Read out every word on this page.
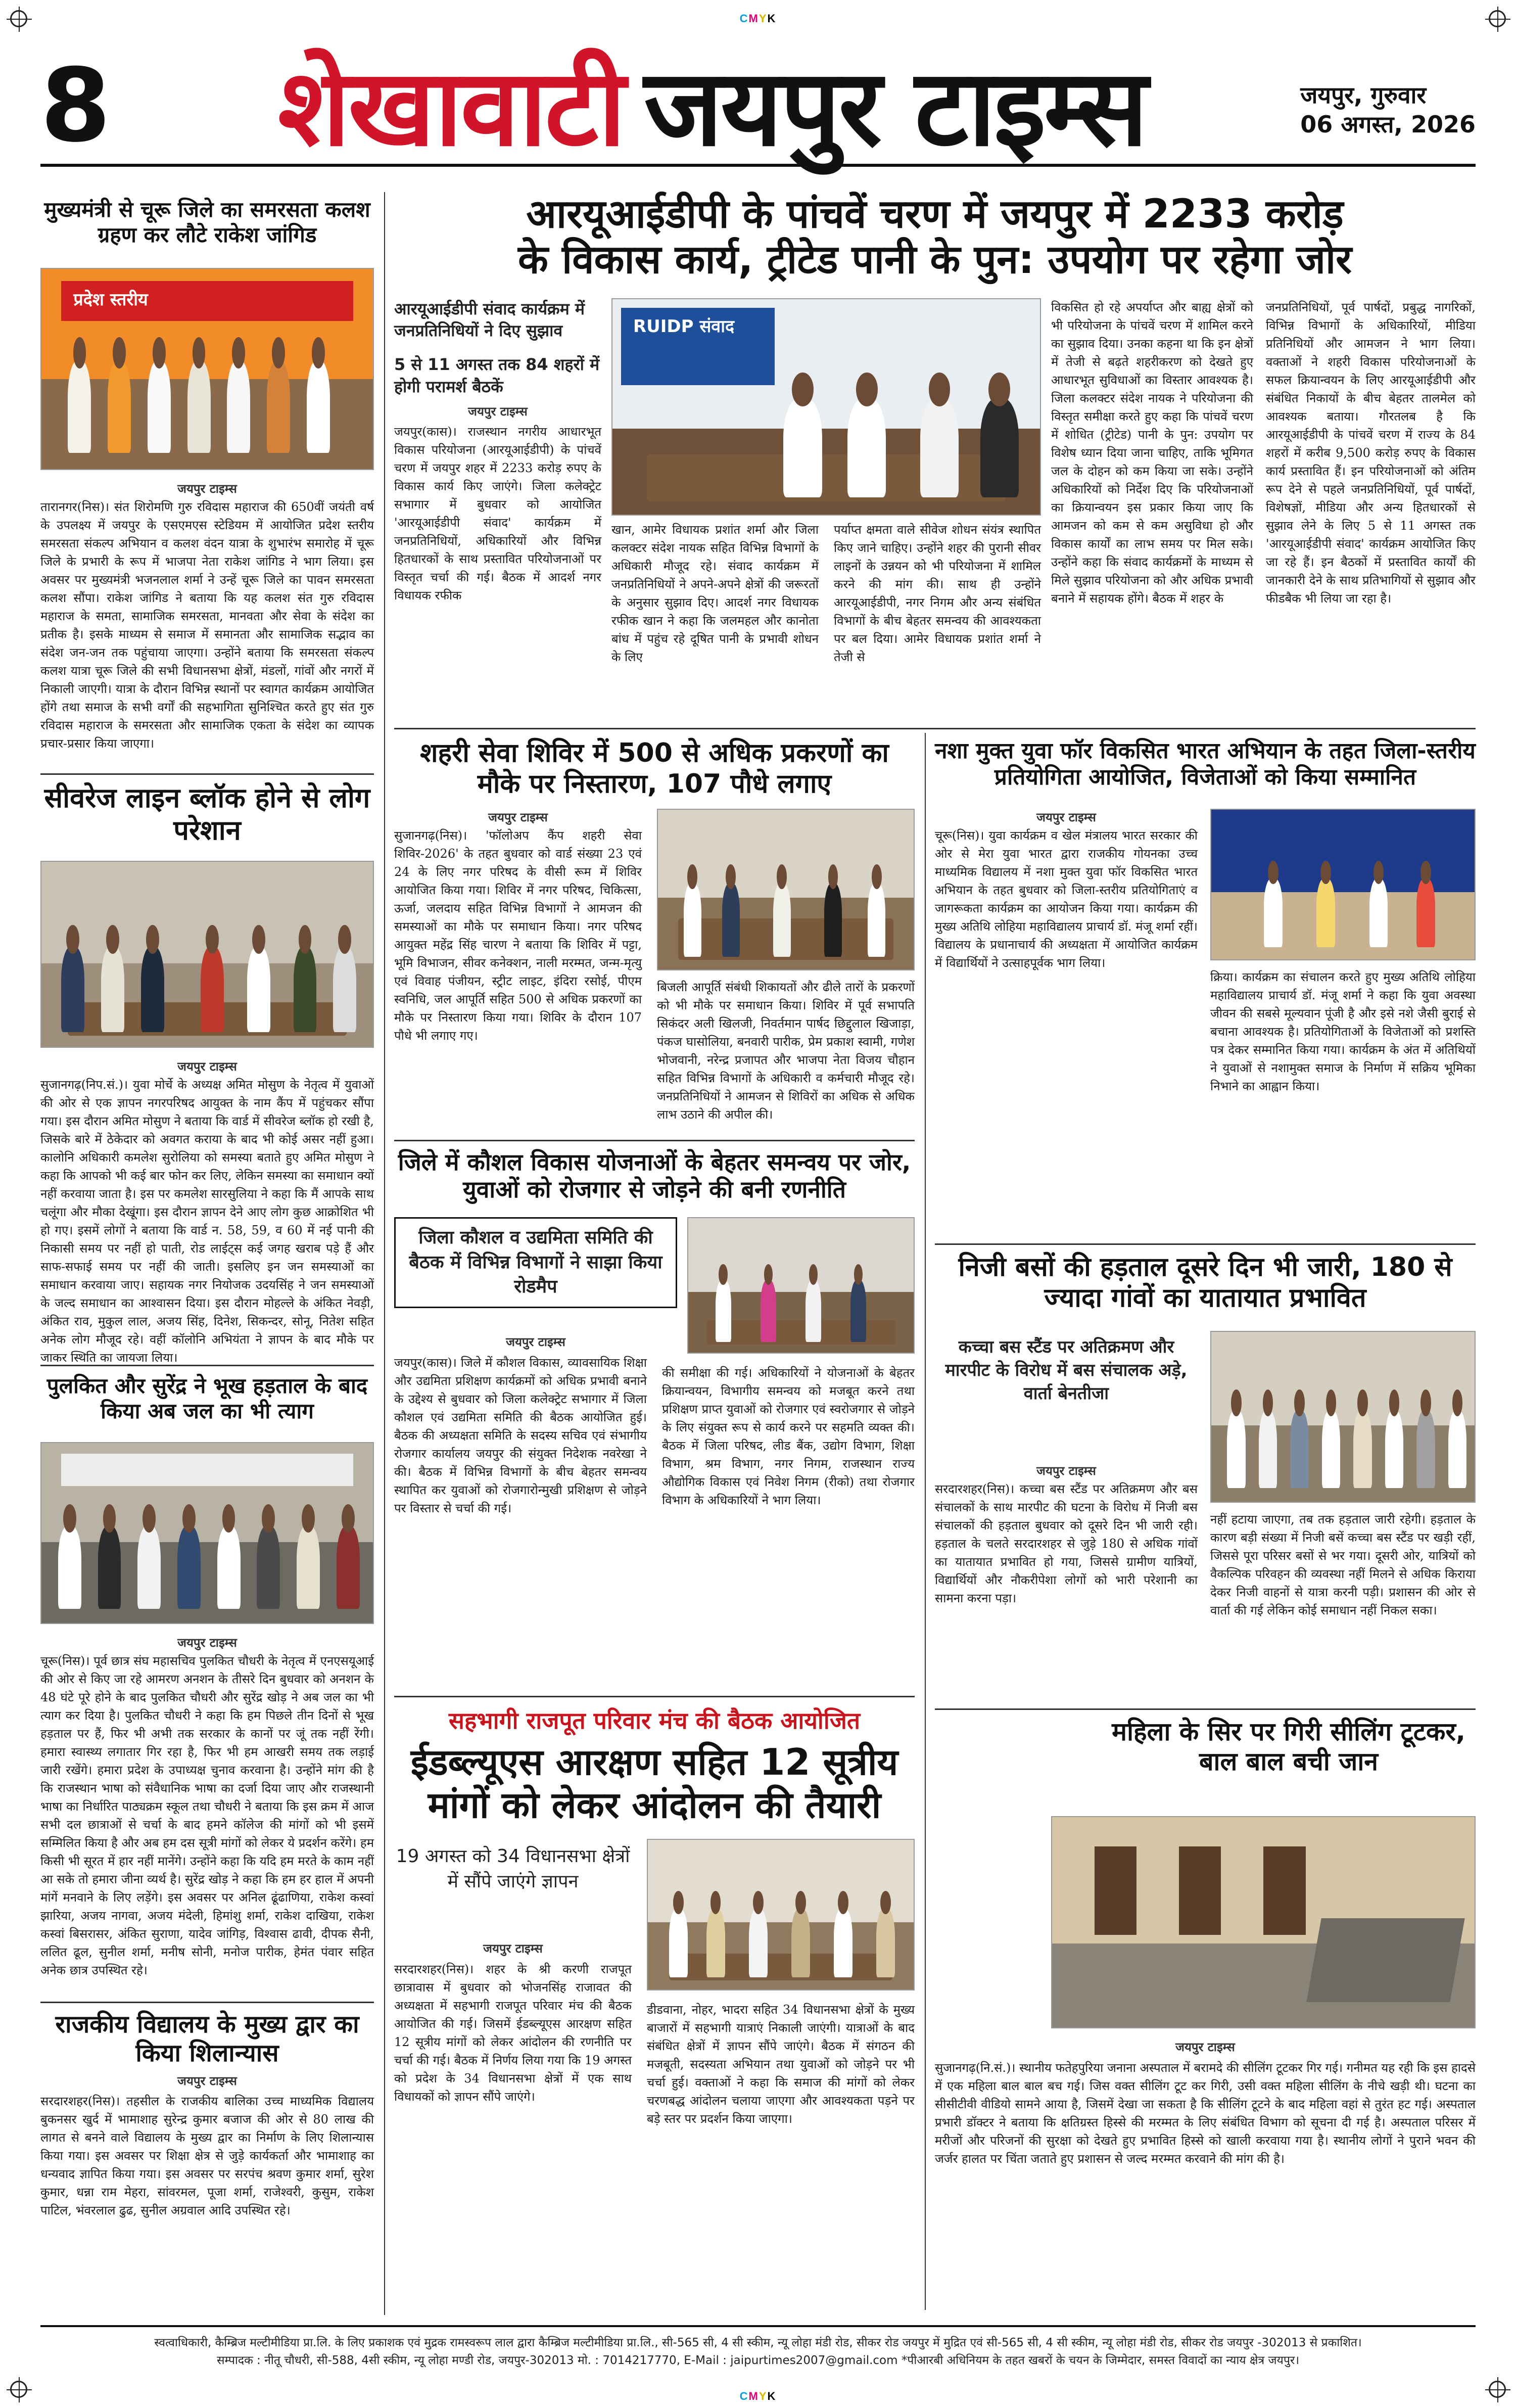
CMYK
8 शेखावाटी जयपुर टाइम्स	जयपुर, गुरुवार
06 अगस्त, 2026
मुख्यमंत्री से चूरू जिले का समरसता कलश ग्रहण कर लौटे राकेश जांगिड
प्रदेश स्तरीय
जयपुर टाइम्स

तारानगर(निस)। संत शिरोमणि गुरु रविदास महाराज की 650वीं जयंती वर्ष के उपलक्ष्य में जयपुर के एसएमएस स्टेडियम में आयोजित प्रदेश स्तरीय समरसता संकल्प अभियान व कलश वंदन यात्रा के शुभारंभ समारोह में चूरू जिले के प्रभारी के रूप में भाजपा नेता राकेश जांगिड ने भाग लिया। इस अवसर पर मुख्यमंत्री भजनलाल शर्मा ने उन्हें चूरू जिले का पावन समरसता कलश सौंपा। राकेश जांगिड ने बताया कि यह कलश संत गुरु रविदास महाराज के समता, सामाजिक समरसता, मानवता और सेवा के संदेश का प्रतीक है। इसके माध्यम से समाज में समानता और सामाजिक सद्भाव का संदेश जन-जन तक पहुंचाया जाएगा। उन्होंने बताया कि समरसता संकल्प कलश यात्रा चूरू जिले की सभी विधानसभा क्षेत्रों, मंडलों, गांवों और नगरों में निकाली जाएगी। यात्रा के दौरान विभिन्न स्थानों पर स्वागत कार्यक्रम आयोजित होंगे तथा समाज के सभी वर्गों की सहभागिता सुनिश्चित करते हुए संत गुरु रविदास महाराज के समरसता और सामाजिक एकता के संदेश का व्यापक प्रचार-प्रसार किया जाएगा।

सीवरेज लाइन ब्लॉक होने से लोग परेशान
जयपुर टाइम्स

सुजानगढ़(निप.सं.)। युवा मोर्चे के अध्यक्ष अमित मोसुण के नेतृत्व में युवाओं की ओर से एक ज्ञापन नगरपरिषद आयुक्त के नाम कैंप में पहुंचकर सौंपा गया। इस दौरान अमित मोसुण ने बताया कि वार्ड में सीवरेज ब्लॉक हो रखी है, जिसके बारे में ठेकेदार को अवगत कराया के बाद भी कोई असर नहीं हुआ। कालोनि अधिकारी कमलेश सुरोलिया को समस्या बताते हुए अमित मोसुण ने कहा कि आपको भी कई बार फोन कर लिए, लेकिन समस्या का समाधान क्यों नहीं करवाया जाता है। इस पर कमलेश सारसुलिया ने कहा कि मैं आपके साथ चलूंगा और मौका देखूंगा। इस दौरान ज्ञापन देने आए लोग कुछ आक्रोशित भी हो गए। इसमें लोगों ने बताया कि वार्ड न. 58, 59, व 60 में नई पानी की निकासी समय पर नहीं हो पाती, रोड लाईट्स कई जगह खराब पड़े हैं और साफ-सफाई समय पर नहीं की जाती। इसलिए इन जन समस्याओं का समाधान करवाया जाए। सहायक नगर नियोजक उदयसिंह ने जन समस्याओं के जल्द समाधान का आश्वासन दिया। इस दौरान मोहल्ले के अंकित नेवड़ी, अंकित राव, मुकुल लाल, अजय सिंह, दिनेश, सिकन्दर, सोनू, नितेश सहित अनेक लोग मौजूद रहे। वहीं कॉलोनि अभियंता ने ज्ञापन के बाद मौके पर जाकर स्थिति का जायजा लिया।

पुलकित और सुरेंद्र ने भूख हड़ताल के बाद किया अब जल का भी त्याग
जयपुर टाइम्स

चूरू(निस)। पूर्व छात्र संघ महासचिव पुलकित चौधरी के नेतृत्व में एनएसयूआई की ओर से किए जा रहे आमरण अनशन के तीसरे दिन बुधवार को अनशन के 48 घंटे पूरे होने के बाद पुलकित चौधरी और सुरेंद्र खोड़ ने अब जल का भी त्याग कर दिया है। पुलकित चौधरी ने कहा कि हम पिछले तीन दिनों से भूख हड़ताल पर हैं, फिर भी अभी तक सरकार के कानों पर जूं तक नहीं रेंगी। हमारा स्वास्थ्य लगातार गिर रहा है, फिर भी हम आखरी समय तक लड़ाई जारी रखेंगे। हमारा प्रदेश के उपाध्यक्ष चुनाव करवाना है। उन्होंने मांग की है कि राजस्थान भाषा को संवैधानिक भाषा का दर्जा दिया जाए और राजस्थानी भाषा का निर्धारित पाठ्यक्रम स्कूल तथा चौधरी ने बताया कि इस क्रम में आज सभी दल छात्राओं से चर्चा के बाद हमने कॉलेज की मांगों को भी इसमें सम्मिलित किया है और अब हम दस सूत्री मांगों को लेकर ये प्रदर्शन करेंगे। हम किसी भी सूरत में हार नहीं मानेंगे। उन्होंने कहा कि यदि हम मरते के काम नहीं आ सके तो हमारा जीना व्यर्थ है। सुरेंद्र खोड़ ने कहा कि हम हर हाल में अपनी मांगें मनवाने के लिए लड़ेंगे। इस अवसर पर अनिल ढूंढाणिया, राकेश कस्वां झारिया, अजय नागवा, अजय मंदेली, हिमांशु शर्मा, राकेश दाखिया, राकेश कस्वां बिसरासर, अंकित सुराणा, यादेव जांगिड़, विश्वास ढावी, दीपक सैनी, ललित ढूल, सुनील शर्मा, मनीष सोनी, मनोज पारीक, हेमंत पंवार सहित अनेक छात्र उपस्थित रहे।

राजकीय विद्यालय के मुख्य द्वार का किया शिलान्यास
जयपुर टाइम्स

सरदारशहर(निस)। तहसील के राजकीय बालिका उच्च माध्यमिक विद्यालय बुकनसर खुर्द में भामाशाह सुरेन्द्र कुमार बजाज की ओर से 80 लाख की लागत से बनने वाले विद्यालय के मुख्य द्वार का निर्माण के लिए शिलान्यास किया गया। इस अवसर पर शिक्षा क्षेत्र से जुड़े कार्यकर्ता और भामाशाह का धन्यवाद ज्ञापित किया गया। इस अवसर पर सरपंच श्रवण कुमार शर्मा, सुरेश कुमार, धन्ना राम मेहरा, सांवरमल, पूजा शर्मा, राजेश्वरी, कुसुम, राकेश पाटिल, भंवरलाल ढुढ, सुनील अग्रवाल आदि उपस्थित रहे।

आरयूआईडीपी के पांचवें चरण में जयपुर में 2233 करोड़
के विकास कार्य, ट्रीटेड पानी के पुन: उपयोग पर रहेगा जोर

आरयूआईडीपी संवाद कार्यक्रम में जनप्रतिनिधियों ने दिए सुझाव

5 से 11 अगस्त तक 84 शहरों में होगी परामर्श बैठकें

जयपुर टाइम्स

जयपुर(कास)। राजस्थान नगरीय आधारभूत विकास परियोजना (आरयूआईडीपी) के पांचवें चरण में जयपुर शहर में 2233 करोड़ रुपए के विकास कार्य किए जाएंगे। जिला कलेक्ट्रेट सभागार में बुधवार को आयोजित 'आरयूआईडीपी संवाद' कार्यक्रम में जनप्रतिनिधियों, अधिकारियों और विभिन्न हितधारकों के साथ प्रस्तावित परियोजनाओं पर विस्तृत चर्चा की गई। बैठक में आदर्श नगर विधायक रफीक

RUIDP संवाद

खान, आमेर विधायक प्रशांत शर्मा और जिला कलक्टर संदेश नायक सहित विभिन्न विभागों के अधिकारी मौजूद रहे। संवाद कार्यक्रम में जनप्रतिनिधियों ने अपने-अपने क्षेत्रों की जरूरतों के अनुसार सुझाव दिए। आदर्श नगर विधायक रफीक खान ने कहा कि जलमहल और कानोता बांध में पहुंच रहे दूषित पानी के प्रभावी शोधन के लिए

पर्याप्त क्षमता वाले सीवेज शोधन संयंत्र स्थापित किए जाने चाहिए। उन्होंने शहर की पुरानी सीवर लाइनों के उन्नयन को भी परियोजना में शामिल करने की मांग की। साथ ही उन्होंने आरयूआईडीपी, नगर निगम और अन्य संबंधित विभागों के बीच बेहतर समन्वय की आवश्यकता पर बल दिया। आमेर विधायक प्रशांत शर्मा ने तेजी से

विकसित हो रहे अपर्याप्त और बाह्य क्षेत्रों को भी परियोजना के पांचवें चरण में शामिल करने का सुझाव दिया। उनका कहना था कि इन क्षेत्रों में तेजी से बढ़ते शहरीकरण को देखते हुए आधारभूत सुविधाओं का विस्तार आवश्यक है। जिला कलक्टर संदेश नायक ने परियोजना की विस्तृत समीक्षा करते हुए कहा कि पांचवें चरण में शोधित (ट्रीटेड) पानी के पुन: उपयोग पर विशेष ध्यान दिया जाना चाहिए, ताकि भूमिगत जल के दोहन को कम किया जा सके। उन्होंने अधिकारियों को निर्देश दिए कि परियोजनाओं का क्रियान्वयन इस प्रकार किया जाए कि आमजन को कम से कम असुविधा हो और विकास कार्यों का लाभ समय पर मिल सके। उन्होंने कहा कि संवाद कार्यक्रमों के माध्यम से मिले सुझाव परियोजना को और अधिक प्रभावी बनाने में सहायक होंगे। बैठक में शहर के

जनप्रतिनिधियों, पूर्व पार्षदों, प्रबुद्ध नागरिकों, विभिन्न विभागों के अधिकारियों, मीडिया प्रतिनिधियों और आमजन ने भाग लिया। वक्ताओं ने शहरी विकास परियोजनाओं के सफल क्रियान्वयन के लिए आरयूआईडीपी और संबंधित निकायों के बीच बेहतर तालमेल को आवश्यक बताया। गौरतलब है कि आरयूआईडीपी के पांचवें चरण में राज्य के 84 शहरों में करीब 9,500 करोड़ रुपए के विकास कार्य प्रस्तावित हैं। इन परियोजनाओं को अंतिम रूप देने से पहले जनप्रतिनिधियों, पूर्व पार्षदों, विशेषज्ञों, मीडिया और अन्य हितधारकों से सुझाव लेने के लिए 5 से 11 अगस्त तक 'आरयूआईडीपी संवाद' कार्यक्रम आयोजित किए जा रहे हैं। इन बैठकों में प्रस्तावित कार्यों की जानकारी देने के साथ प्रतिभागियों से सुझाव और फीडबैक भी लिया जा रहा है।

शहरी सेवा शिविर में 500 से अधिक प्रकरणों का मौके पर निस्तारण, 107 पौधे लगाए
जयपुर टाइम्स

सुजानगढ़(निस)। 'फॉलोअप कैंप शहरी सेवा शिविर-2026' के तहत बुधवार को वार्ड संख्या 23 एवं 24 के लिए नगर परिषद के वीसी रूम में शिविर आयोजित किया गया। शिविर में नगर परिषद, चिकित्सा, ऊर्जा, जलदाय सहित विभिन्न विभागों ने आमजन की समस्याओं का मौके पर समाधान किया। नगर परिषद आयुक्त महेंद्र सिंह चारण ने बताया कि शिविर में पट्टा, भूमि विभाजन, सीवर कनेक्शन, नाली मरम्मत, जन्म-मृत्यु एवं विवाह पंजीयन, स्ट्रीट लाइट, इंदिरा रसोई, पीएम स्वनिधि, जल आपूर्ति सहित 500 से अधिक प्रकरणों का मौके पर निस्तारण किया गया। शिविर के दौरान 107 पौधे भी लगाए गए।

बिजली आपूर्ति संबंधी शिकायतों और ढीले तारों के प्रकरणों को भी मौके पर समाधान किया। शिविर में पूर्व सभापति सिकंदर अली खिलजी, निवर्तमान पार्षद छिद्दुलाल खिजाड़ा, पंकज घासोलिया, बनवारी पारीक, प्रेम प्रकाश स्वामी, गणेश भोजवानी, नरेन्द्र प्रजापत और भाजपा नेता विजय चौहान सहित विभिन्न विभागों के अधिकारी व कर्मचारी मौजूद रहे। जनप्रतिनिधियों ने आमजन से शिविरों का अधिक से अधिक लाभ उठाने की अपील की।

जिले में कौशल विकास योजनाओं के बेहतर समन्वय पर जोर, युवाओं को रोजगार से जोड़ने की बनी रणनीति

जिला कौशल व उद्यमिता समिति की बैठक में विभिन्न विभागों ने साझा किया रोडमैप

जयपुर टाइम्स

जयपुर(कास)। जिले में कौशल विकास, व्यावसायिक शिक्षा और उद्यमिता प्रशिक्षण कार्यक्रमों को अधिक प्रभावी बनाने के उद्देश्य से बुधवार को जिला कलेक्ट्रेट सभागार में जिला कौशल एवं उद्यमिता समिति की बैठक आयोजित हुई। बैठक की अध्यक्षता समिति के सदस्य सचिव एवं संभागीय रोजगार कार्यालय जयपुर की संयुक्त निदेशक नवरेखा ने की। बैठक में विभिन्न विभागों के बीच बेहतर समन्वय स्थापित कर युवाओं को रोजगारोन्मुखी प्रशिक्षण से जोड़ने पर विस्तार से चर्चा की गई।

की समीक्षा की गई। अधिकारियों ने योजनाओं के बेहतर क्रियान्वयन, विभागीय समन्वय को मजबूत करने तथा प्रशिक्षण प्राप्त युवाओं को रोजगार एवं स्वरोजगार से जोड़ने के लिए संयुक्त रूप से कार्य करने पर सहमति व्यक्त की। बैठक में जिला परिषद, लीड बैंक, उद्योग विभाग, शिक्षा विभाग, श्रम विभाग, नगर निगम, राजस्थान राज्य औद्योगिक विकास एवं निवेश निगम (रीको) तथा रोजगार विभाग के अधिकारियों ने भाग लिया।

सहभागी राजपूत परिवार मंच की बैठक आयोजित
ईडब्ल्यूएस आरक्षण सहित 12 सूत्रीय मांगों को लेकर आंदोलन की तैयारी

19 अगस्त को 34 विधानसभा क्षेत्रों में सौंपे जाएंगे ज्ञापन

जयपुर टाइम्स

सरदारशहर(निस)। शहर के श्री करणी राजपूत छात्रावास में बुधवार को भोजनसिंह राजावत की अध्यक्षता में सहभागी राजपूत परिवार मंच की बैठक आयोजित की गई। जिसमें ईडब्ल्यूएस आरक्षण सहित 12 सूत्रीय मांगों को लेकर आंदोलन की रणनीति पर चर्चा की गई। बैठक में निर्णय लिया गया कि 19 अगस्त को प्रदेश के 34 विधानसभा क्षेत्रों में एक साथ विधायकों को ज्ञापन सौंपे जाएंगे।

डीडवाना, नोहर, भादरा सहित 34 विधानसभा क्षेत्रों के मुख्य बाजारों में सहभागी यात्राएं निकाली जाएंगी। यात्राओं के बाद संबंधित क्षेत्रों में ज्ञापन सौंपे जाएंगे। बैठक में संगठन की मजबूती, सदस्यता अभियान तथा युवाओं को जोड़ने पर भी चर्चा हुई। वक्ताओं ने कहा कि समाज की मांगों को लेकर चरणबद्ध आंदोलन चलाया जाएगा और आवश्यकता पड़ने पर बड़े स्तर पर प्रदर्शन किया जाएगा।

नशा मुक्त युवा फॉर विकसित भारत अभियान के तहत जिला-स्तरीय प्रतियोगिता आयोजित, विजेताओं को किया सम्मानित
जयपुर टाइम्स

चूरू(निस)। युवा कार्यक्रम व खेल मंत्रालय भारत सरकार की ओर से मेरा युवा भारत द्वारा राजकीय गोयनका उच्च माध्यमिक विद्यालय में नशा मुक्त युवा फॉर विकसित भारत अभियान के तहत बुधवार को जिला-स्तरीय प्रतियोगिताएं व जागरूकता कार्यक्रम का आयोजन किया गया। कार्यक्रम की मुख्य अतिथि लोहिया महाविद्यालय प्राचार्य डॉ. मंजू शर्मा रहीं। विद्यालय के प्रधानाचार्य की अध्यक्षता में आयोजित कार्यक्रम में विद्यार्थियों ने उत्साहपूर्वक भाग लिया।

क्रिया। कार्यक्रम का संचालन करते हुए मुख्य अतिथि लोहिया महाविद्यालय प्राचार्य डॉ. मंजू शर्मा ने कहा कि युवा अवस्था जीवन की सबसे मूल्यवान पूंजी है और इसे नशे जैसी बुराई से बचाना आवश्यक है। प्रतियोगिताओं के विजेताओं को प्रशस्ति पत्र देकर सम्मानित किया गया। कार्यक्रम के अंत में अतिथियों ने युवाओं से नशामुक्त समाज के निर्माण में सक्रिय भूमिका निभाने का आह्वान किया।

निजी बसों की हड़ताल दूसरे दिन भी जारी, 180 से ज्यादा गांवों का यातायात प्रभावित

कच्चा बस स्टैंड पर अतिक्रमण और मारपीट के विरोध में बस संचालक अड़े, वार्ता बेनतीजा

जयपुर टाइम्स

सरदारशहर(निस)। कच्चा बस स्टैंड पर अतिक्रमण और बस संचालकों के साथ मारपीट की घटना के विरोध में निजी बस संचालकों की हड़ताल बुधवार को दूसरे दिन भी जारी रही। हड़ताल के चलते सरदारशहर से जुड़े 180 से अधिक गांवों का यातायात प्रभावित हो गया, जिससे ग्रामीण यात्रियों, विद्यार्थियों और नौकरीपेशा लोगों को भारी परेशानी का सामना करना पड़ा।

नहीं हटाया जाएगा, तब तक हड़ताल जारी रहेगी। हड़ताल के कारण बड़ी संख्या में निजी बसें कच्चा बस स्टैंड पर खड़ी रहीं, जिससे पूरा परिसर बसों से भर गया। दूसरी ओर, यात्रियों को वैकल्पिक परिवहन की व्यवस्था नहीं मिलने से अधिक किराया देकर निजी वाहनों से यात्रा करनी पड़ी। प्रशासन की ओर से वार्ता की गई लेकिन कोई समाधान नहीं निकल सका।

महिला के सिर पर गिरी सीलिंग टूटकर, बाल बाल बची जान
जयपुर टाइम्स

सुजानगढ़(नि.सं.)। स्थानीय फतेहपुरिया जनाना अस्पताल में बरामदे की सीलिंग टूटकर गिर गई। गनीमत यह रही कि इस हादसे में एक महिला बाल बाल बच गई। जिस वक्त सीलिंग टूट कर गिरी, उसी वक्त महिला सीलिंग के नीचे खड़ी थी। घटना का सीसीटीवी वीडियो सामने आया है, जिसमें देखा जा सकता है कि सीलिंग टूटने के बाद महिला वहां से तुरंत हट गई। अस्पताल प्रभारी डॉक्टर ने बताया कि क्षतिग्रस्त हिस्से की मरम्मत के लिए संबंधित विभाग को सूचना दी गई है। अस्पताल परिसर में मरीजों और परिजनों की सुरक्षा को देखते हुए प्रभावित हिस्से को खाली करवाया गया है। स्थानीय लोगों ने पुराने भवन की जर्जर हालत पर चिंता जताते हुए प्रशासन से जल्द मरम्मत करवाने की मांग की है।

स्वत्वाधिकारी, कैम्ब्रिज मल्टीमीडिया प्रा.लि. के लिए प्रकाशक एवं मुद्रक रामस्वरूप लाल द्वारा कैम्ब्रिज मल्टीमीडिया प्रा.लि., सी-565 सी, 4 सी स्कीम, न्यू लोहा मंडी रोड, सीकर रोड जयपुर में मुद्रित एवं सी-565 सी, 4 सी स्कीम, न्यू लोहा मंडी रोड, सीकर रोड जयपुर -302013 से प्रकाशित।

सम्पादक : नीतू चौधरी, सी-588, 4सी स्कीम, न्यू लोहा मण्डी रोड, जयपुर-302013 मो. : 7014217770, E-Mail : jaipurtimes2007@gmail.com *पीआरबी अधिनियम के तहत खबरों के चयन के जिम्मेदार, समस्त विवादों का न्याय क्षेत्र जयपुर।

CMYK
